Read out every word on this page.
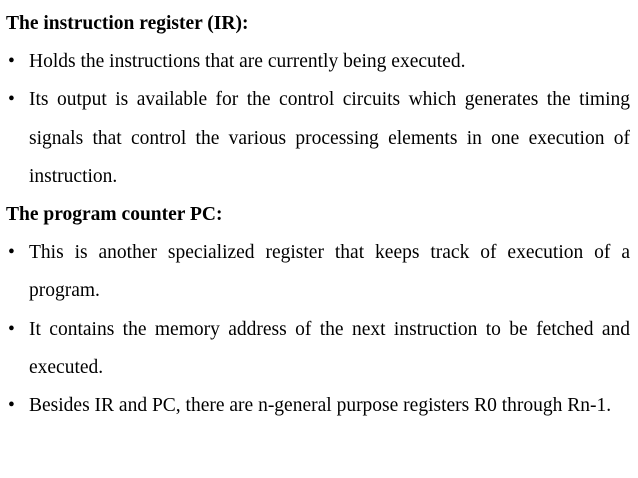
The instruction register (IR):

• Holds the instructions that are currently being executed.
• Its output is available for the control circuits which generates the timing signals that control the various processing elements in one execution of instruction.

The program counter PC:

• This is another specialized register that keeps track of execution of a program.
• It contains the memory address of the next instruction to be fetched and executed.
• Besides IR and PC, there are n-general purpose registers R0 through Rn-1.
